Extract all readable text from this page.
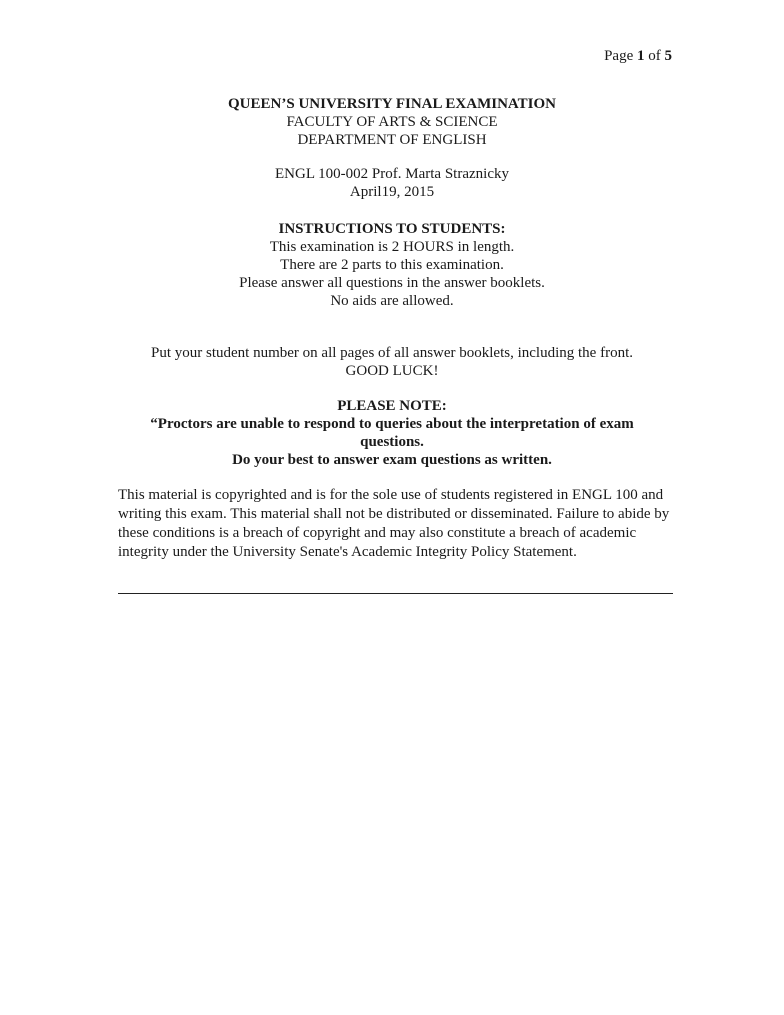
Page 1 of 5
QUEEN’S UNIVERSITY FINAL EXAMINATION
FACULTY OF ARTS & SCIENCE
DEPARTMENT OF ENGLISH
ENGL 100-002 Prof. Marta Straznicky
April19, 2015
INSTRUCTIONS TO STUDENTS:
This examination is 2 HOURS in length.
There are 2 parts to this examination.
Please answer all questions in the answer booklets.
No aids are allowed.
Put your student number on all pages of all answer booklets, including the front.
GOOD LUCK!
PLEASE NOTE:
“Proctors are unable to respond to queries about the interpretation of exam questions.
Do your best to answer exam questions as written.
This material is copyrighted and is for the sole use of students registered in ENGL 100 and writing this exam. This material shall not be distributed or disseminated. Failure to abide by these conditions is a breach of copyright and may also constitute a breach of academic integrity under the University Senate's Academic Integrity Policy Statement.
